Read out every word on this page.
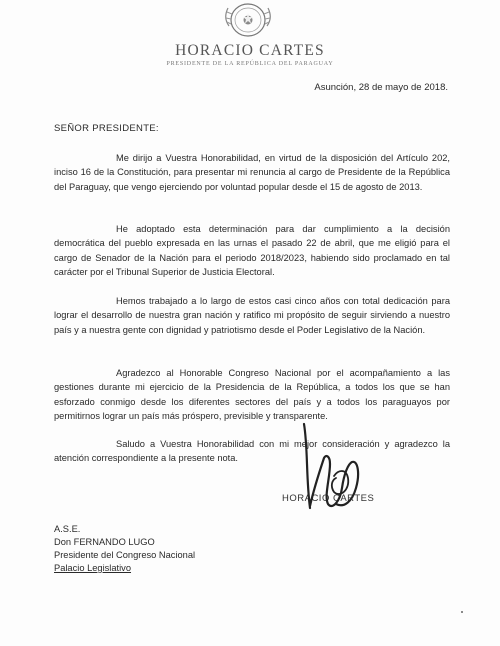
HORACIO CARTES
PRESIDENTE DE LA REPÚBLICA DEL PARAGUAY
Asunción, 28 de mayo de 2018.
SEÑOR PRESIDENTE:

Me dirijo a Vuestra Honorabilidad, en virtud de la disposición del Artículo 202, inciso 16 de la Constitución, para presentar mi renuncia al cargo de Presidente de la República del Paraguay, que vengo ejerciendo por voluntad popular desde el 15 de agosto de 2013.

He adoptado esta determinación para dar cumplimiento a la decisión democrática del pueblo expresada en las urnas el pasado 22 de abril, que me eligió para el cargo de Senador de la Nación para el periodo 2018/2023, habiendo sido proclamado en tal carácter por el Tribunal Superior de Justicia Electoral.

Hemos trabajado a lo largo de estos casi cinco años con total dedicación para lograr el desarrollo de nuestra gran nación y ratifico mi propósito de seguir sirviendo a nuestro país y a nuestra gente con dignidad y patriotismo desde el Poder Legislativo de la Nación.

Agradezco al Honorable Congreso Nacional por el acompañamiento a las gestiones durante mi ejercicio de la Presidencia de la República, a todos los que se han esforzado conmigo desde los diferentes sectores del país y a todos los paraguayos por permitirnos lograr un país más próspero, previsible y transparente.

Saludo a Vuestra Honorabilidad con mi mejor consideración y agradezco la atención correspondiente a la presente nota.

HORACIO CARTES
A.S.E.
Don FERNANDO LUGO
Presidente del Congreso Nacional
Palacio Legislativo
